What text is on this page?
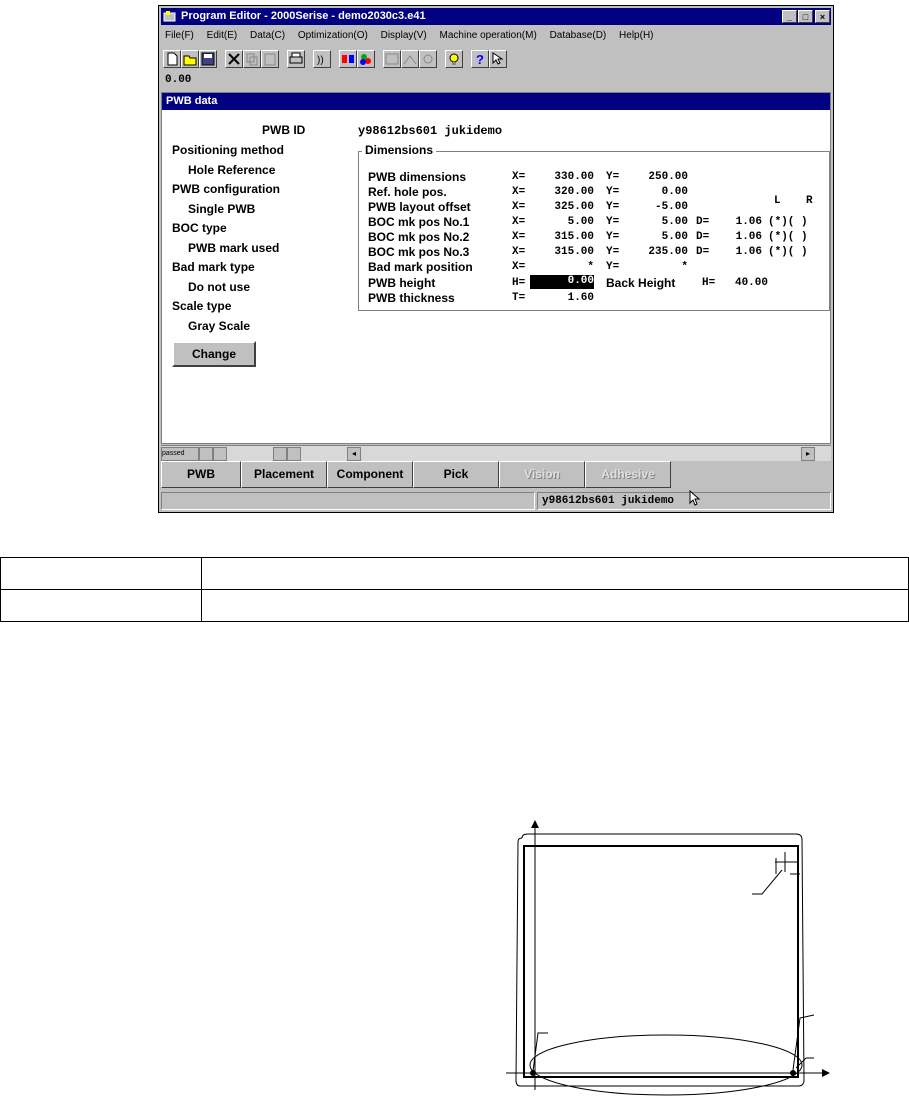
Program Editor - 2000Serise - demo2030c3.e41	_	□	×
File(F) Edit(E) Data(C) Optimization(O) Display(V) Machine operation(M) Database(D) Help(H)
))	?
0.00
PWB data
PWB ID	y98612bs601 jukidemo
Positioning method
Hole Reference
PWB configuration
Single PWB
BOC type
PWB mark used
Bad mark type
Do not use
Scale type
Gray Scale
Change
Dimensions
L R
PWB dimensions	X=	330.00 Y=	250.00
Ref. hole pos.	X=	320.00 Y=	0.00
PWB layout offset	X=	325.00 Y=	-5.00
BOC mk pos No.1	X=	5.00 Y=	5.00 D=	1.06 (*)( )
BOC mk pos No.2	X=	315.00 Y=	5.00 D=	1.06 (*)( )
BOC mk pos No.3	X=	315.00 Y=	235.00 D=	1.06 (*)( )
Bad mark position	X=	* Y=	*
PWB height	H=	0.00 Back Height H=	40.00
PWB thickness	T=	1.60
passed	◂	▸
PWB	Placement	Component	Pick	Vision	Adhesive
y98612bs601 jukidemo
